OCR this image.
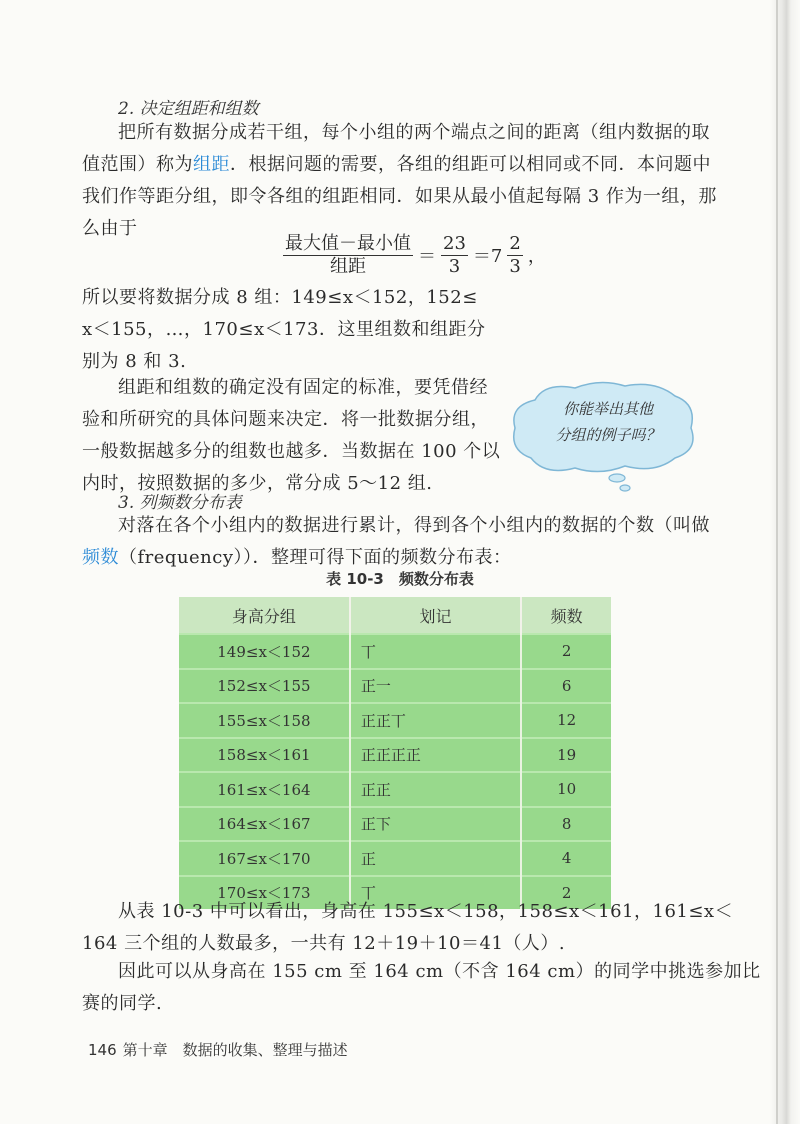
2. 决定组距和组数
把所有数据分成若干组，每个小组的两个端点之间的距离（组内数据的取
值范围）称为组距．根据问题的需要，各组的组距可以相同或不同．本问题中
我们作等距分组，即令各组的组距相同．如果从最小值起每隔 3 作为一组，那
么由于
$\frac{\text{最大值－最小值}}{\text{组距}} = \frac{23}{3} =7 \frac{2}{3}$ ，
所以要将数据分成 8 组：149≤x＜152，152≤
x＜155，…，170≤x＜173．这里组数和组距分
别为 8 和 3.
组距和组数的确定没有固定的标准，要凭借经
验和所研究的具体问题来决定．将一批数据分组，
一般数据越多分的组数也越多．当数据在 100 个以
内时，按照数据的多少，常分成 5～12 组.
你能举出其他
分组的例子吗？
3. 列频数分布表
对落在各个小组内的数据进行累计，得到各个小组内的数据的个数（叫做
频数（frequency））．整理可得下面的频数分布表：
表 10-3　频数分布表
身高分组	划记	频数
149≤x＜152	丅	2
152≤x＜155	正一	6
155≤x＜158	正正丅	12
158≤x＜161	正正正正	19
161≤x＜164	正正	10
164≤x＜167	正下	8
167≤x＜170	正	4
170≤x＜173	丅	2
从表 10-3 中可以看出，身高在 155≤x＜158，158≤x＜161，161≤x＜
164 三个组的人数最多，一共有 12＋19＋10＝41（人）.
因此可以从身高在 155 cm 至 164 cm（不含 164 cm）的同学中挑选参加比
赛的同学.
146 第十章　数据的收集、整理与描述
